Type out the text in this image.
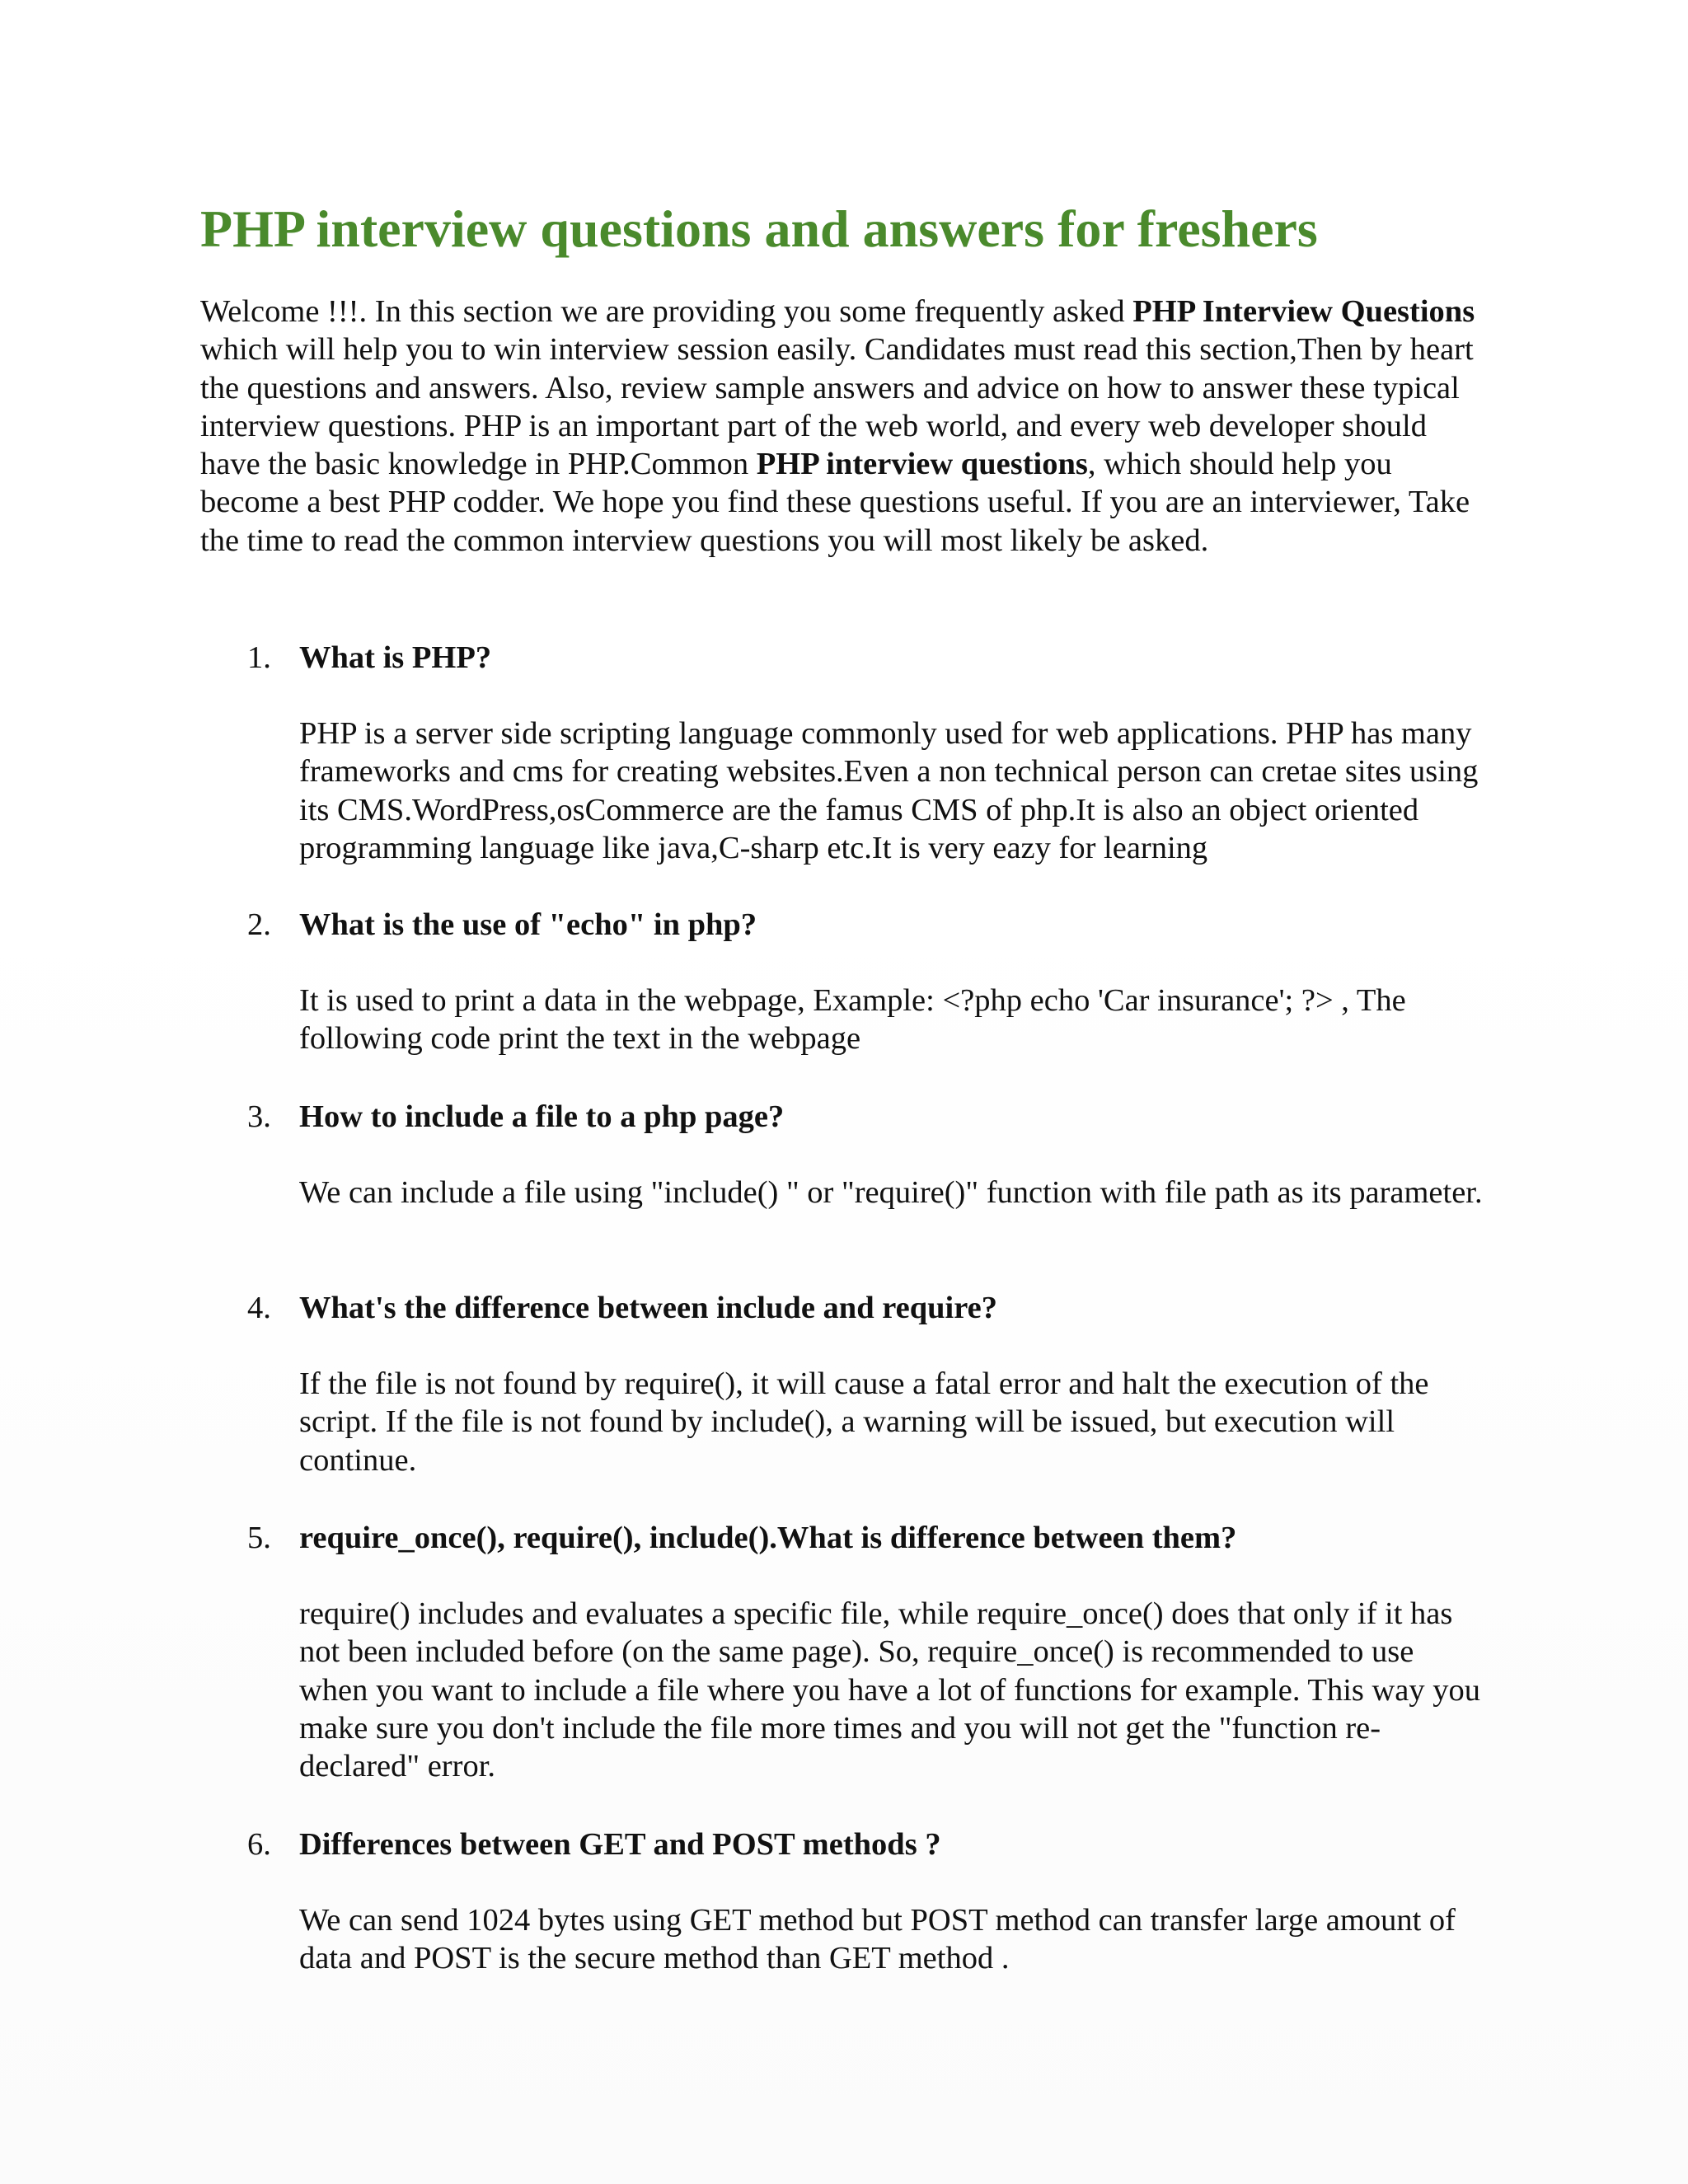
PHP interview questions and answers for freshers

Welcome !!!. In this section we are providing you some frequently asked PHP Interview Questions which will help you to win interview session easily. Candidates must read this section,Then by heart the questions and answers. Also, review sample answers and advice on how to answer these typical interview questions. PHP is an important part of the web world, and every web developer should have the basic knowledge in PHP.Common PHP interview questions, which should help you become a best PHP codder. We hope you find these questions useful. If you are an interviewer, Take the time to read the common interview questions you will most likely be asked.

1. What is PHP?

PHP is a server side scripting language commonly used for web applications. PHP has many frameworks and cms for creating websites.Even a non technical person can cretae sites using its CMS.WordPress,osCommerce are the famus CMS of php.It is also an object oriented programming language like java,C-sharp etc.It is very eazy for learning

2. What is the use of "echo" in php?

It is used to print a data in the webpage, Example: <?php echo 'Car insurance'; ?> , The following code print the text in the webpage

3. How to include a file to a php page?

We can include a file using "include() " or "require()" function with file path as its parameter.

4. What's the difference between include and require?

If the file is not found by require(), it will cause a fatal error and halt the execution of the script. If the file is not found by include(), a warning will be issued, but execution will continue.

5. require_once(), require(), include().What is difference between them?

require() includes and evaluates a specific file, while require_once() does that only if it has not been included before (on the same page). So, require_once() is recommended to use when you want to include a file where you have a lot of functions for example. This way you make sure you don't include the file more times and you will not get the "function re-declared" error.

6. Differences between GET and POST methods ?

We can send 1024 bytes using GET method but POST method can transfer large amount of data and POST is the secure method than GET method .
